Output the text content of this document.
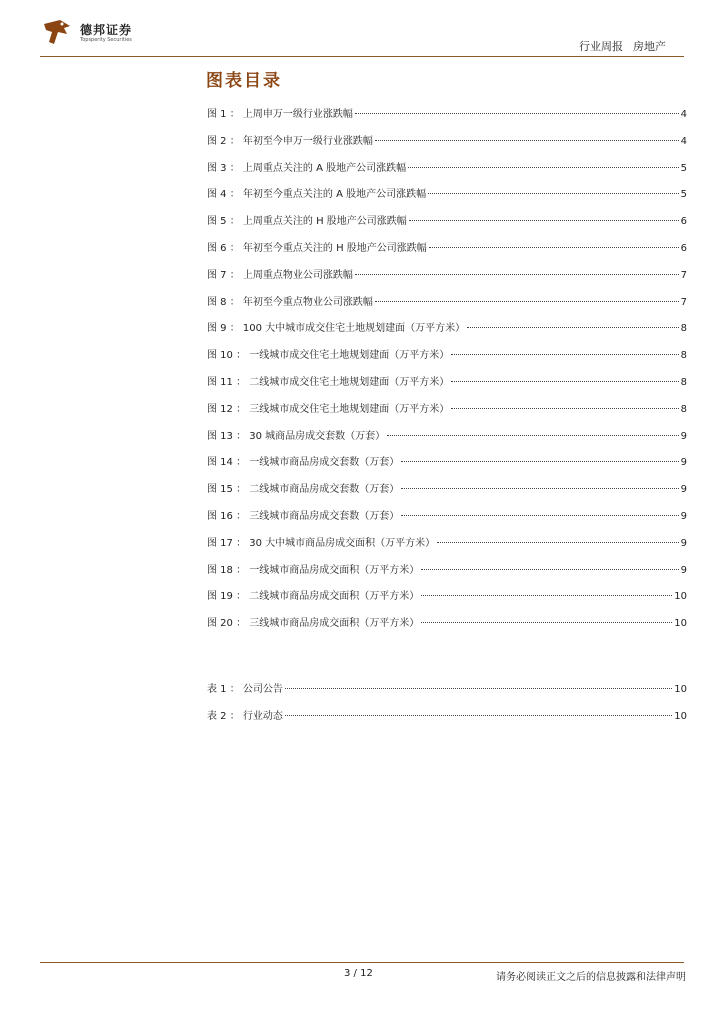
德邦证券
Topsperity Securities	行业周报 房地产
图表目录
图 1 ： 上周申万一级行业涨跌幅	4
图 2 ： 年初至今申万一级行业涨跌幅	4
图 3 ： 上周重点关注的 A 股地产公司涨跌幅	5
图 4 ： 年初至今重点关注的 A 股地产公司涨跌幅	5
图 5 ： 上周重点关注的 H 股地产公司涨跌幅	6
图 6 ： 年初至今重点关注的 H 股地产公司涨跌幅	6
图 7 ： 上周重点物业公司涨跌幅	7
图 8 ： 年初至今重点物业公司涨跌幅	7
图 9 ： 100 大中城市成交住宅土地规划建面（万平方米）	8
图 10 ： 一线城市成交住宅土地规划建面（万平方米）	8
图 11 ： 二线城市成交住宅土地规划建面（万平方米）	8
图 12 ： 三线城市成交住宅土地规划建面（万平方米）	8
图 13 ： 30 城商品房成交套数（万套）	9
图 14 ： 一线城市商品房成交套数（万套）	9
图 15 ： 二线城市商品房成交套数（万套）	9
图 16 ： 三线城市商品房成交套数（万套）	9
图 17 ： 30 大中城市商品房成交面积（万平方米）	9
图 18 ： 一线城市商品房成交面积（万平方米）	9
图 19 ： 二线城市商品房成交面积（万平方米）	10
图 20 ： 三线城市商品房成交面积（万平方米）	10
表 1 ： 公司公告	10
表 2 ： 行业动态	10
3 / 12	请务必阅读正文之后的信息披露和法律声明
